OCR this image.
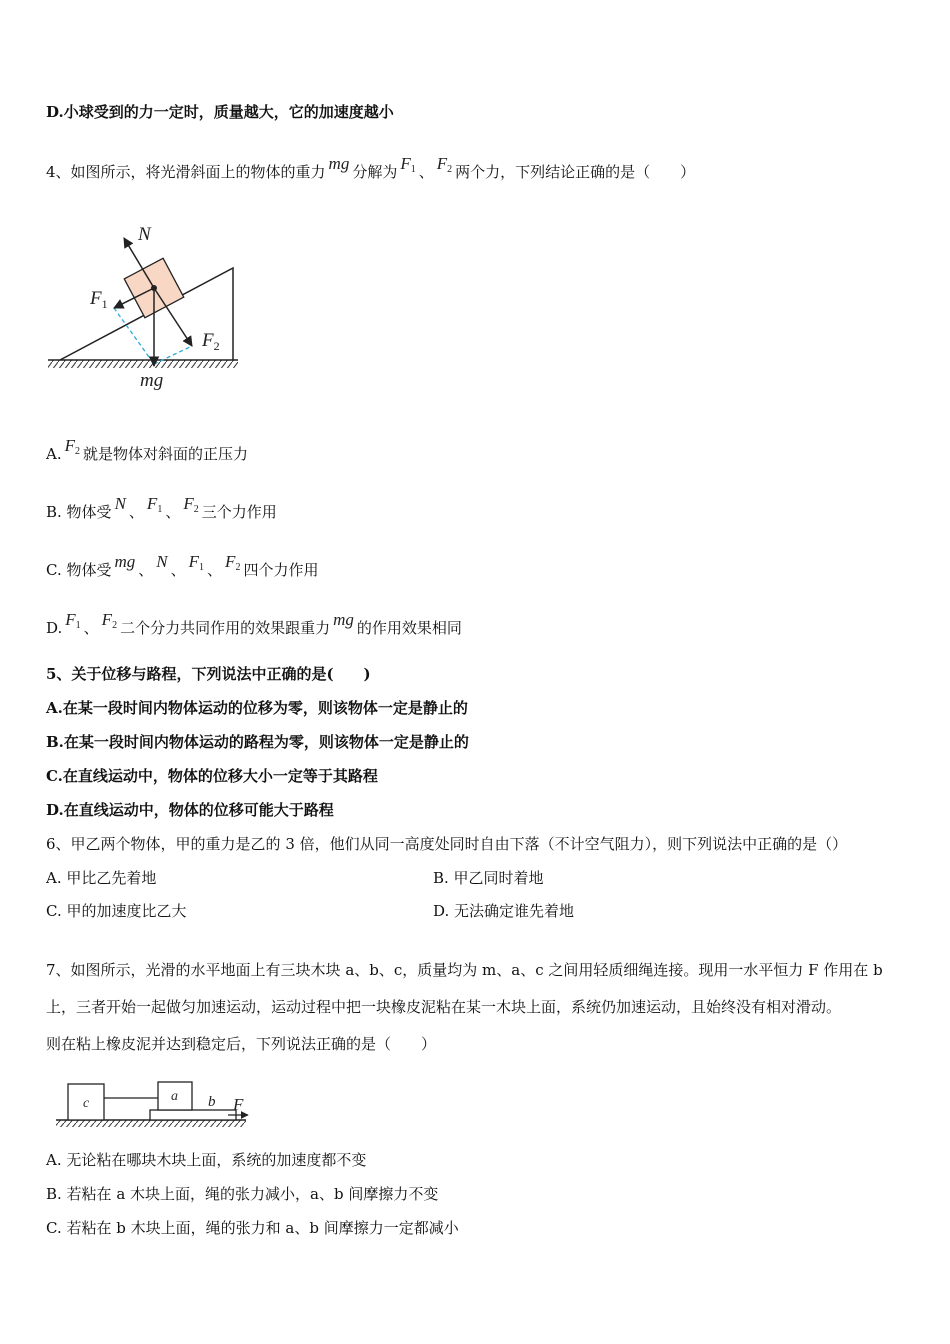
D.小球受到的力一定时，质量越大，它的加速度越小
4、如图所示，将光滑斜面上的物体的重力 mg 分解为 $F_1$ 、 $F_2$ 两个力，下列结论正确的是（　　）
N
$F_1$
$F_2$
mg
A. $F_2$ 就是物体对斜面的正压力
B. 物体受 N 、 $F_1$ 、 $F_2$ 三个力作用
C. 物体受 mg 、 N 、 $F_1$ 、 $F_2$ 四个力作用
D. $F_1$ 、 $F_2$ 二个分力共同作用的效果跟重力 mg 的作用效果相同
5、关于位移与路程，下列说法中正确的是(　　)
A.在某一段时间内物体运动的位移为零，则该物体一定是静止的
B.在某一段时间内物体运动的路程为零，则该物体一定是静止的
C.在直线运动中，物体的位移大小一定等于其路程
D.在直线运动中，物体的位移可能大于路程
6、甲乙两个物体，甲的重力是乙的 3 倍，他们从同一高度处同时自由下落（不计空气阻力），则下列说法中正确的是（）
A. 甲比乙先着地	B. 甲乙同时着地
C. 甲的加速度比乙大	D. 无法确定谁先着地
7、如图所示，光滑的水平地面上有三块木块 a、b、c，质量均为 m、a、c 之间用轻质细绳连接。现用一水平恒力 F 作用在 b
上，三者开始一起做匀加速运动，运动过程中把一块橡皮泥粘在某一木块上面，系统仍加速运动，且始终没有相对滑动。
则在粘上橡皮泥并达到稳定后，下列说法正确的是（　　）
c	a b F
A. 无论粘在哪块木块上面，系统的加速度都不变
B. 若粘在 a 木块上面，绳的张力减小，a、b 间摩擦力不变
C. 若粘在 b 木块上面，绳的张力和 a、b 间摩擦力一定都减小
